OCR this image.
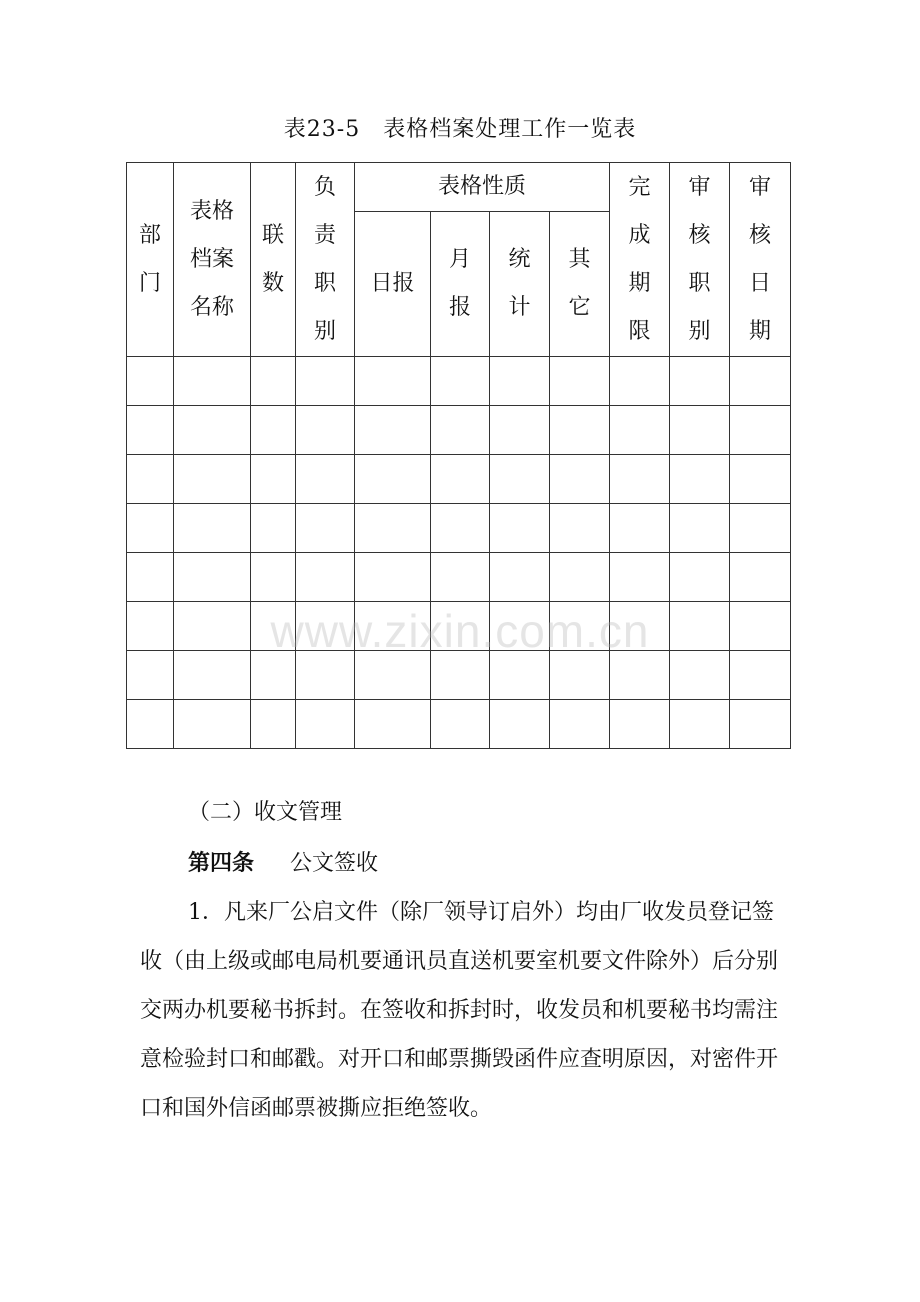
表23-5　表格档案处理工作一览表
部门	表格档案名称	联数	负责职别	表格性质				完成期限	审核职别	审核日期

				日报	月报	统计	其它			

www.zixin.com.cn
（二）收文管理
第四条 公文签收
1．凡来厂公启文件（除厂领导订启外）均由厂收发员登记签收（由上级或邮电局机要通讯员直送机要室机要文件除外）后分别交两办机要秘书拆封。在签收和拆封时，收发员和机要秘书均需注意检验封口和邮戳。对开口和邮票撕毁函件应查明原因，对密件开口和国外信函邮票被撕应拒绝签收。
